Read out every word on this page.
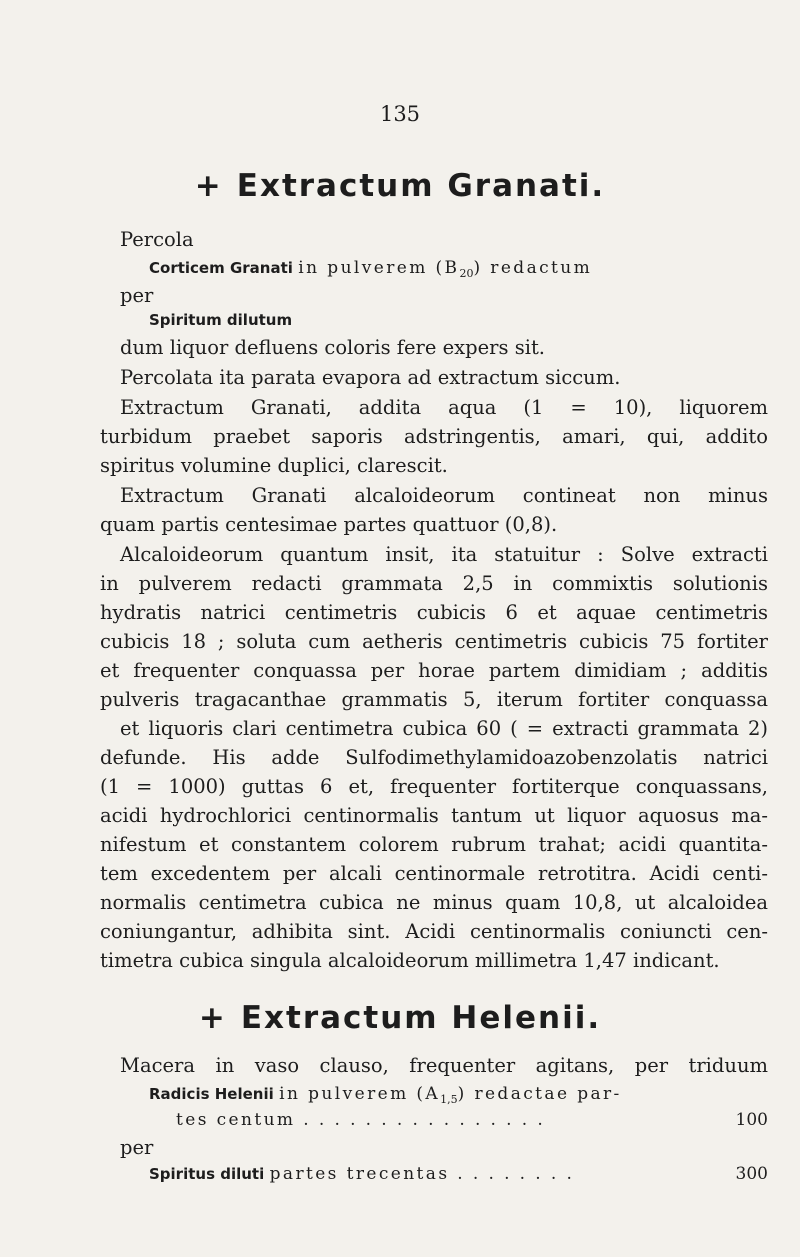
135
+ Extractum Granati.
Percola
Corticem Granati in pulverem $(B_{20})$ redactum
per
Spiritum dilutum
dum liquor defluens coloris fere expers sit.
Percolata ita parata evapora ad extractum siccum.
Extractum Granati, addita aqua (1 = 10), liquorem
turbidum praebet saporis adstringentis, amari, qui, addito
spiritus volumine duplici, clarescit.
Extractum Granati alcaloideorum contineat non minus
quam partis centesimae partes quattuor (0,8).
Alcaloideorum quantum insit, ita statuitur : Solve extracti
in pulverem redacti grammata 2,5 in commixtis solutionis
hydratis natrici centimetris cubicis 6 et aquae centimetris
cubicis 18 ; soluta cum aetheris centimetris cubicis 75 fortiter
et frequenter conquassa per horae partem dimidiam ; additis
pulveris tragacanthae grammatis 5, iterum fortiter conquassa
et liquoris clari centimetra cubica 60 ( = extracti grammata 2)
defunde. His adde Sulfodimethylamidoazobenzolatis natrici
(1 = 1000) guttas 6 et, frequenter fortiterque conquassans,
acidi hydrochlorici centinormalis tantum ut liquor aquosus ma-
nifestum et constantem colorem rubrum trahat; acidi quantita-
tem excedentem per alcali centinormale retrotitra. Acidi centi-
normalis centimetra cubica ne minus quam 10,8, ut alcaloidea
coniungantur, adhibita sint. Acidi centinormalis coniuncti cen-
timetra cubica singula alcaloideorum millimetra 1,47 indicant.
+ Extractum Helenii.
Macera in vaso clauso, frequenter agitans, per triduum
Radicis Helenii in pulverem $(A_{1,5})$ redactae par-
tes centum . . . . . . . . . . . . . . . .	100
per
Spiritus diluti partes trecentas . . . . . . . .	300
